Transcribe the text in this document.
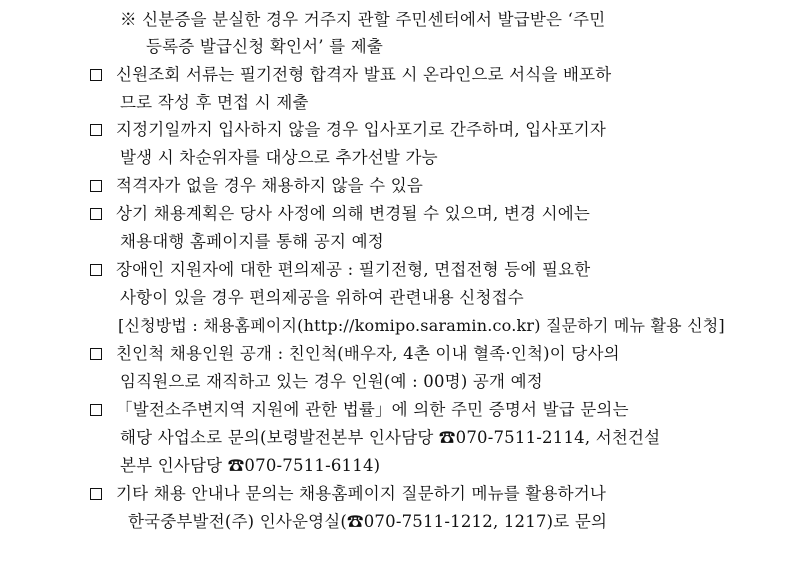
※ 신분증을 분실한 경우 거주지 관할 주민센터에서 발급받은 ‘주민
등록증 발급신청 확인서’ 를 제출
신원조회 서류는 필기전형 합격자 발표 시 온라인으로 서식을 배포하
므로 작성 후 면접 시 제출
지정기일까지 입사하지 않을 경우 입사포기로 간주하며, 입사포기자
발생 시 차순위자를 대상으로 추가선발 가능
적격자가 없을 경우 채용하지 않을 수 있음
상기 채용계획은 당사 사정에 의해 변경될 수 있으며, 변경 시에는
채용대행 홈페이지를 통해 공지 예정
장애인 지원자에 대한 편의제공 : 필기전형, 면접전형 등에 필요한
사항이 있을 경우 편의제공을 위하여 관련내용 신청접수
[신청방법 : 채용홈페이지(http://komipo.saramin.co.kr) 질문하기 메뉴 활용 신청]
친인척 채용인원 공개 : 친인척(배우자, 4촌 이내 혈족·인척)이 당사의
임직원으로 재직하고 있는 경우 인원(예 : 00명) 공개 예정
「발전소주변지역 지원에 관한 법률」에 의한 주민 증명서 발급 문의는
해당 사업소로 문의(보령발전본부 인사담당 ☎070-7511-2114, 서천건설
본부 인사담당 ☎070-7511-6114)
기타 채용 안내나 문의는 채용홈페이지 질문하기 메뉴를 활용하거나
한국중부발전(주) 인사운영실(☎070-7511-1212, 1217)로 문의
